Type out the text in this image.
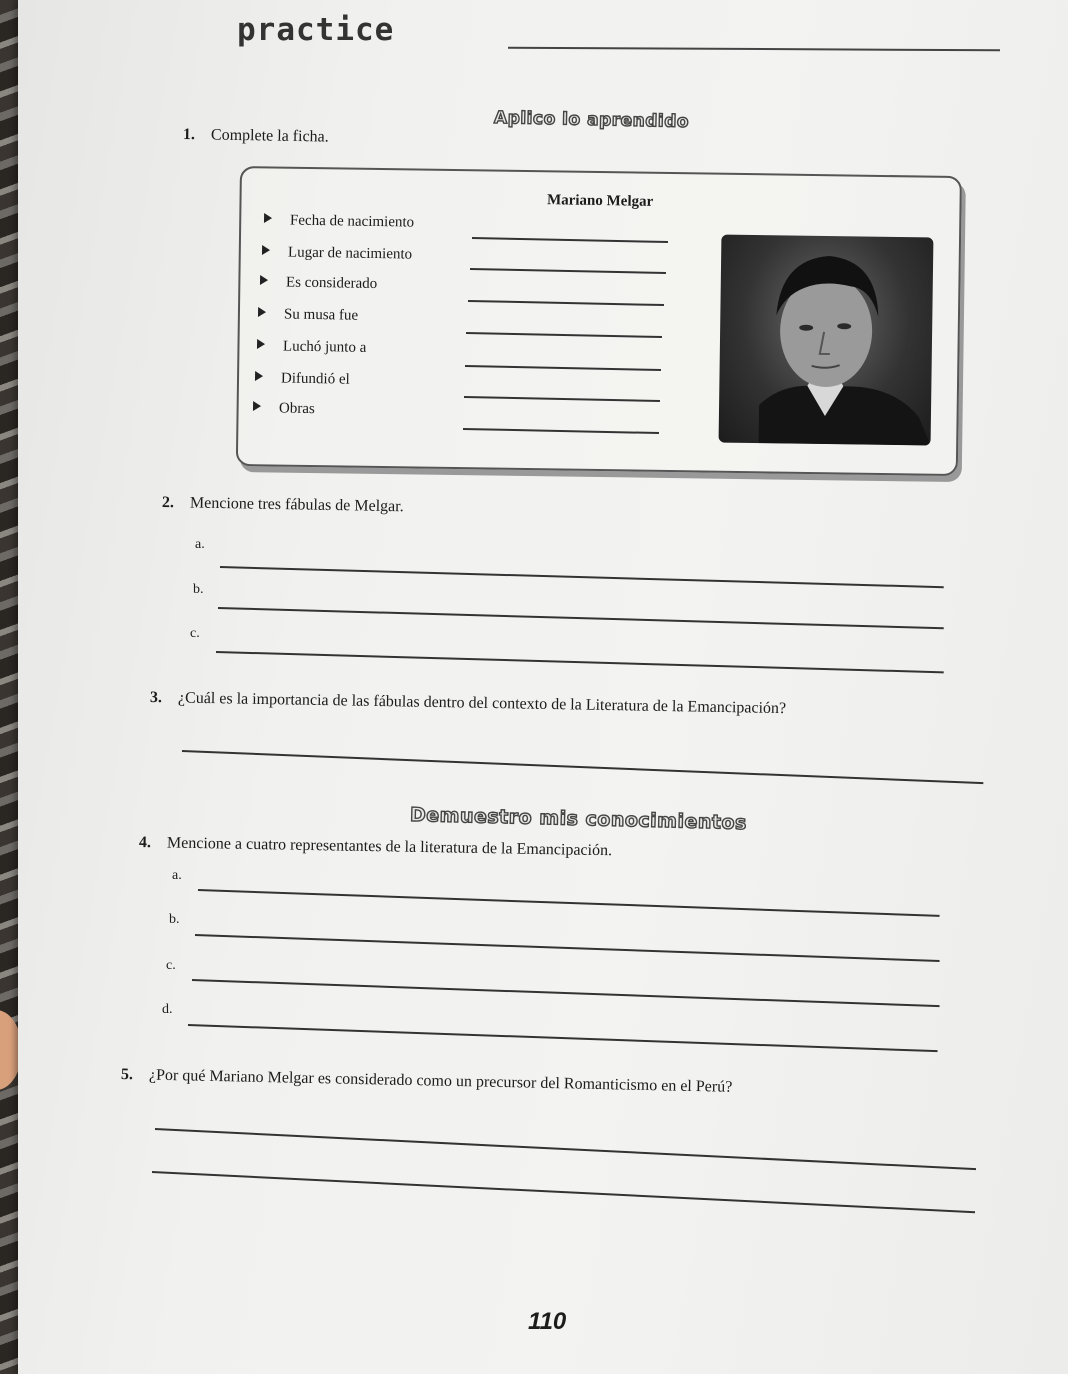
practice
Aplico lo aprendido
1. Complete la ficha.
Mariano Melgar
Fecha de nacimiento
Lugar de nacimiento
Es considerado
Su musa fue
Luchó junto a
Difundió el
Obras
2. Mencione tres fábulas de Melgar.
a.
b.
c.
3. ¿Cuál es la importancia de las fábulas dentro del contexto de la Literatura de la Emancipación?
Demuestro mis conocimientos
4. Mencione a cuatro representantes de la literatura de la Emancipación.
a.
b.
c.
d.
5. ¿Por qué Mariano Melgar es considerado como un precursor del Romanticismo en el Perú?
110
